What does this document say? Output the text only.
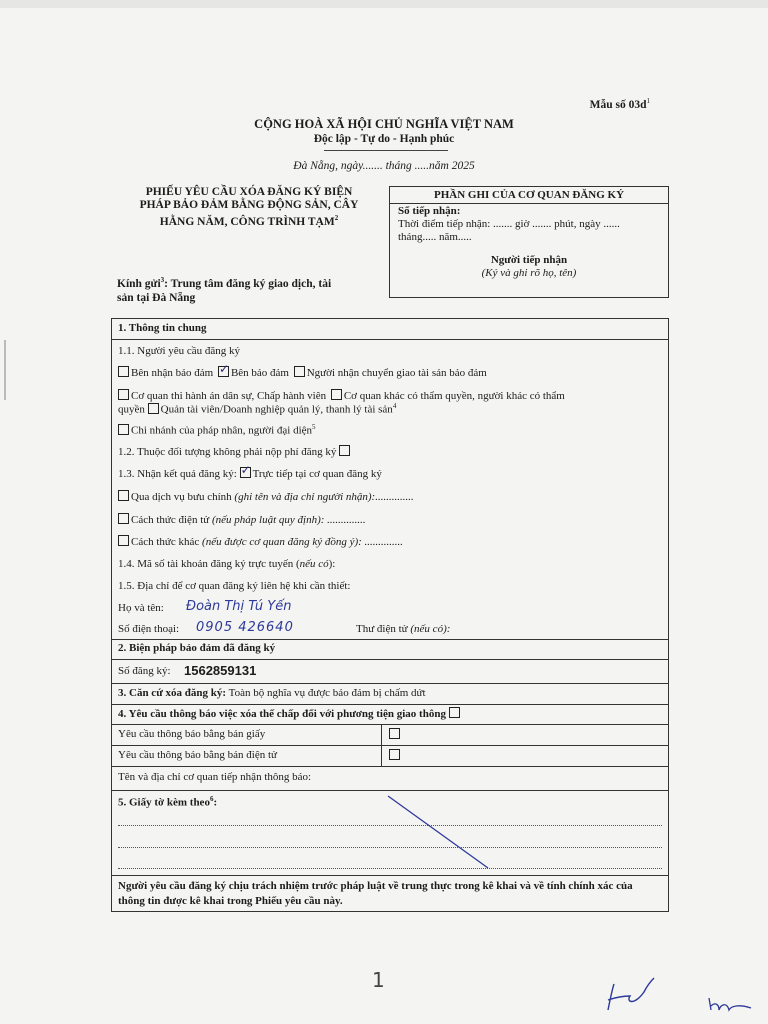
Mẫu số $03d^1$
CỘNG HOÀ XÃ HỘI CHỦ NGHĨA VIỆT NAM
Độc lập - Tự do - Hạnh phúc
Đà Nẵng, ngày....... tháng .....năm 2025
PHIẾU YÊU CẦU XÓA ĐĂNG KÝ BIỆN
PHÁP BẢO ĐẢM BẰNG ĐỘNG SẢN, CÂY
HẰNG NĂM, CÔNG TRÌNH TẠM$^2$
Kính gửi$^3$: Trung tâm đăng ký giao dịch, tài
sản tại Đà Nẵng
PHẦN GHI CỦA CƠ QUAN ĐĂNG KÝ
Số tiếp nhận:
Thời điểm tiếp nhận: ....... giờ ....... phút, ngày ......
tháng..... năm.....
Người tiếp nhận
(Ký và ghi rõ họ, tên)
1. Thông tin chung
1.1. Người yêu cầu đăng ký
Bên nhận bảo đảm ✓ Bên bảo đảm Người nhận chuyển giao tài sản bảo đảm
Cơ quan thi hành án dân sự, Chấp hành viên Cơ quan khác có thẩm quyền, người khác có thẩm
quyền Quản tài viên/Doanh nghiệp quản lý, thanh lý tài sản$^4$
Chi nhánh của pháp nhân, người đại diện$^5$
1.2. Thuộc đối tượng không phải nộp phí đăng ký
1.3. Nhận kết quả đăng ký: ✓ Trực tiếp tại cơ quan đăng ký
Qua dịch vụ bưu chính (ghi tên và địa chỉ người nhận):..............
Cách thức điện tử (nếu pháp luật quy định): ..............
Cách thức khác (nếu được cơ quan đăng ký đồng ý): ..............
1.4. Mã số tài khoản đăng ký trực tuyến (nếu có):
1.5. Địa chỉ để cơ quan đăng ký liên hệ khi cần thiết:
Họ và tên: Đoàn Thị Tú Yến
Số điện thoại: 0905 426640	Thư điện tử (nếu có):
2. Biện pháp bảo đảm đã đăng ký
Số đăng ký: 1562859131
3. Căn cứ xóa đăng ký: Toàn bộ nghĩa vụ được bảo đảm bị chấm dứt
4. Yêu cầu thông báo việc xóa thế chấp đối với phương tiện giao thông
Yêu cầu thông báo bằng bản giấy
Yêu cầu thông báo bằng bản điện tử
Tên và địa chỉ cơ quan tiếp nhận thông báo:
5. Giấy tờ kèm theo$^6$:
Người yêu cầu đăng ký chịu trách nhiệm trước pháp luật về trung thực trong kê khai và về tính chính xác của thông tin được kê khai trong Phiếu yêu cầu này.
1
